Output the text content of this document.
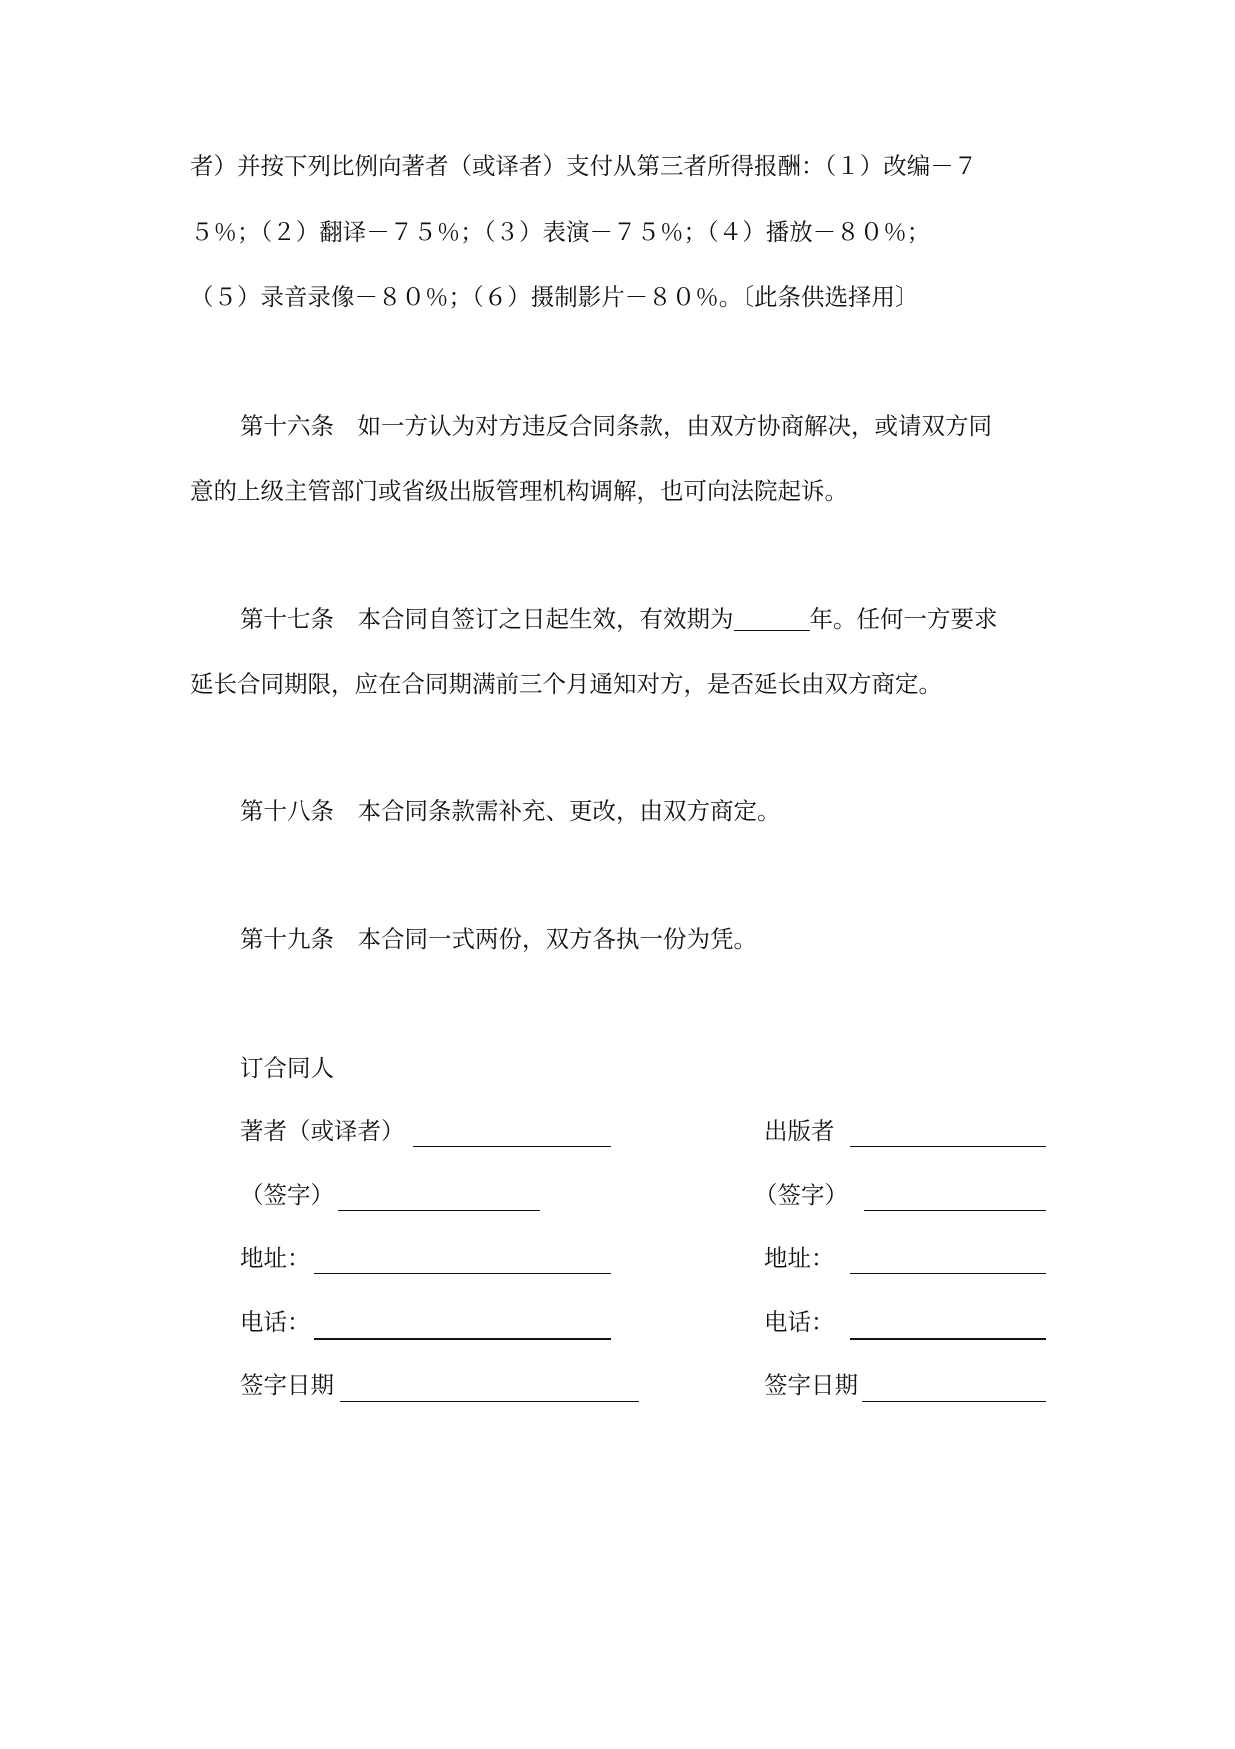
者）并按下列比例向著者（或译者）支付从第三者所得报酬：（１）改编－７
５％；（２）翻译－７５％；（３）表演－７５％；（４）播放－８０％；
（５）录音录像－８０％；（６）摄制影片－８０％。〔此条供选择用〕
第十六条　如一方认为对方违反合同条款，由双方协商解决，或请双方同
意的上级主管部门或省级出版管理机构调解，也可向法院起诉。
第十七条　本合同自签订之日起生效，有效期为	年。任何一方要求
延长合同期限，应在合同期满前三个月通知对方，是否延长由双方商定。
第十八条　本合同条款需补充、更改，由双方商定。
第十九条　本合同一式两份，双方各执一份为凭。
订合同人
著者（或译者）
（签字）
地址：
电话：
签字日期
出版者
（签字）
地址：
电话：
签字日期
